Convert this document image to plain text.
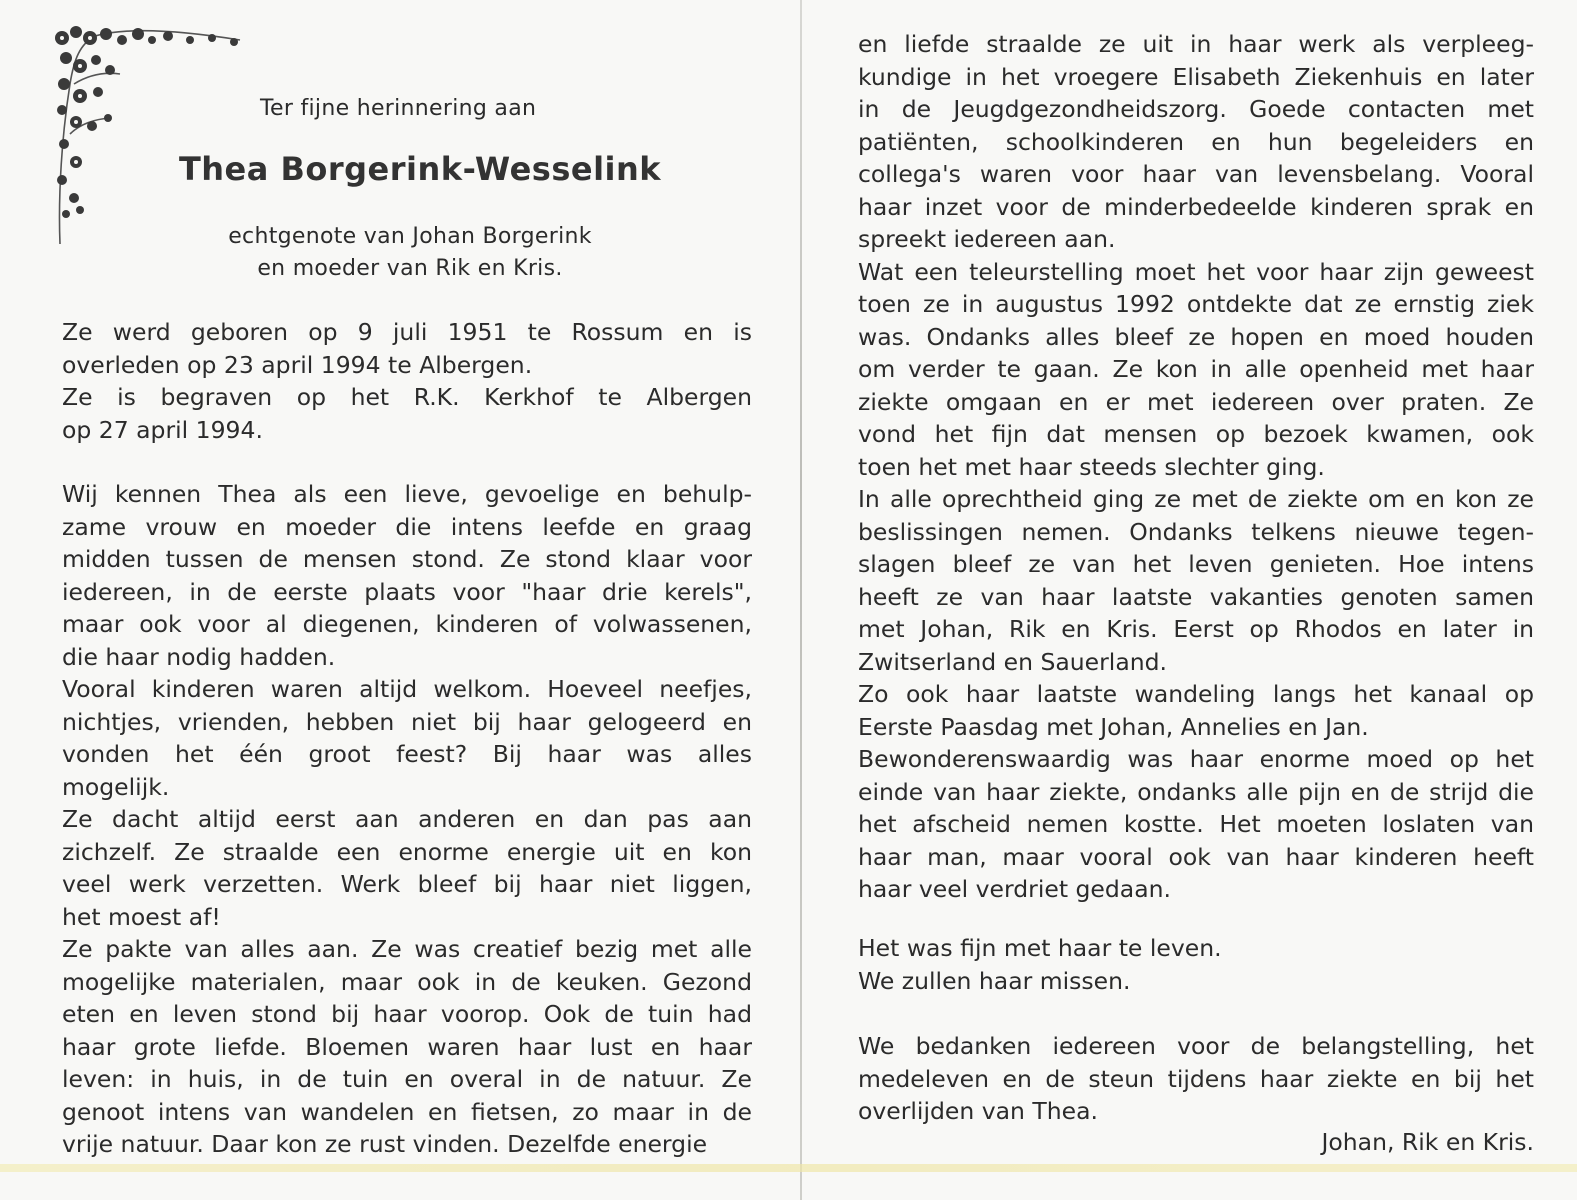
Ter fijne herinnering aan
Thea Borgerink-Wesselink
echtgenote van Johan Borgerink
en moeder van Rik en Kris.

Ze werd geboren op 9 juli 1951 te Rossum en is
overleden op 23 april 1994 te Albergen.

Ze is begraven op het R.K. Kerkhof te Albergen
op 27 april 1994.

Wij kennen Thea als een lieve, gevoelige en behulp-
zame vrouw en moeder die intens leefde en graag
midden tussen de mensen stond. Ze stond klaar voor
iedereen, in de eerste plaats voor "haar drie kerels",
maar ook voor al diegenen, kinderen of volwassenen,
die haar nodig hadden.
Vooral kinderen waren altijd welkom. Hoeveel neefjes,
nichtjes, vrienden, hebben niet bij haar gelogeerd en
vonden het één groot feest? Bij haar was alles
mogelijk.
Ze dacht altijd eerst aan anderen en dan pas aan
zichzelf. Ze straalde een enorme energie uit en kon
veel werk verzetten. Werk bleef bij haar niet liggen,
het moest af!
Ze pakte van alles aan. Ze was creatief bezig met alle
mogelijke materialen, maar ook in de keuken. Gezond
eten en leven stond bij haar voorop. Ook de tuin had
haar grote liefde. Bloemen waren haar lust en haar
leven: in huis, in de tuin en overal in de natuur. Ze
genoot intens van wandelen en fietsen, zo maar in de
vrije natuur. Daar kon ze rust vinden. Dezelfde energie

en liefde straalde ze uit in haar werk als verpleeg-
kundige in het vroegere Elisabeth Ziekenhuis en later
in de Jeugdgezondheidszorg. Goede contacten met
patiënten, schoolkinderen en hun begeleiders en
collega's waren voor haar van levensbelang. Vooral
haar inzet voor de minderbedeelde kinderen sprak en
spreekt iedereen aan.
Wat een teleurstelling moet het voor haar zijn geweest
toen ze in augustus 1992 ontdekte dat ze ernstig ziek
was. Ondanks alles bleef ze hopen en moed houden
om verder te gaan. Ze kon in alle openheid met haar
ziekte omgaan en er met iedereen over praten. Ze
vond het fijn dat mensen op bezoek kwamen, ook
toen het met haar steeds slechter ging.
In alle oprechtheid ging ze met de ziekte om en kon ze
beslissingen nemen. Ondanks telkens nieuwe tegen-
slagen bleef ze van het leven genieten. Hoe intens
heeft ze van haar laatste vakanties genoten samen
met Johan, Rik en Kris. Eerst op Rhodos en later in
Zwitserland en Sauerland.
Zo ook haar laatste wandeling langs het kanaal op
Eerste Paasdag met Johan, Annelies en Jan.
Bewonderenswaardig was haar enorme moed op het
einde van haar ziekte, ondanks alle pijn en de strijd die
het afscheid nemen kostte. Het moeten loslaten van
haar man, maar vooral ook van haar kinderen heeft
haar veel verdriet gedaan.

Het was fijn met haar te leven.
We zullen haar missen.

We bedanken iedereen voor de belangstelling, het
medeleven en de steun tijdens haar ziekte en bij het
overlijden van Thea.

Johan, Rik en Kris.
